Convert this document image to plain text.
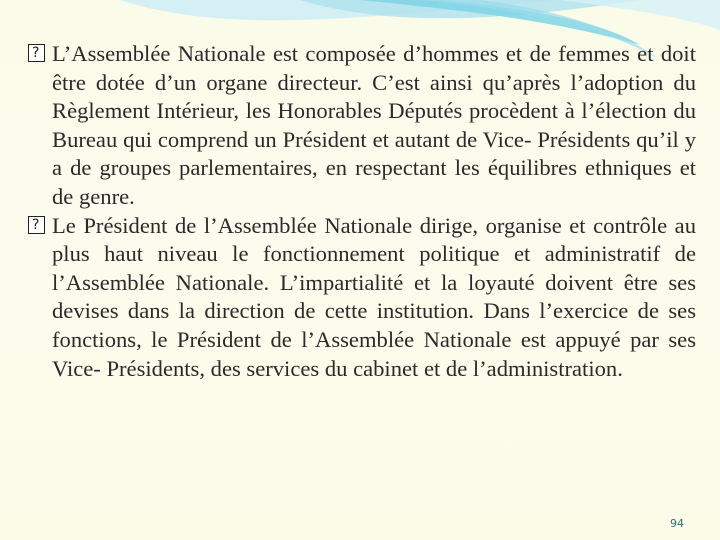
?
L’Assemblée Nationale est composée d’hommes et de femmes et doit être dotée d’un organe directeur. C’est ainsi qu’après l’adoption du Règlement Intérieur, les Honorables Députés procèdent à l’élection du Bureau qui comprend un Président et autant de Vice- Présidents qu’il y a de groupes parlementaires, en respectant les équilibres ethniques et de genre.

?
Le Président de l’Assemblée Nationale dirige, organise et contrôle au plus haut niveau le fonctionnement politique et administratif de l’Assemblée Nationale. L’impartialité et la loyauté doivent être ses devises dans la direction de cette institution. Dans l’exercice de ses fonctions, le Président de l’Assemblée Nationale est appuyé par ses Vice- Présidents, des services du cabinet et de l’administration.

94
